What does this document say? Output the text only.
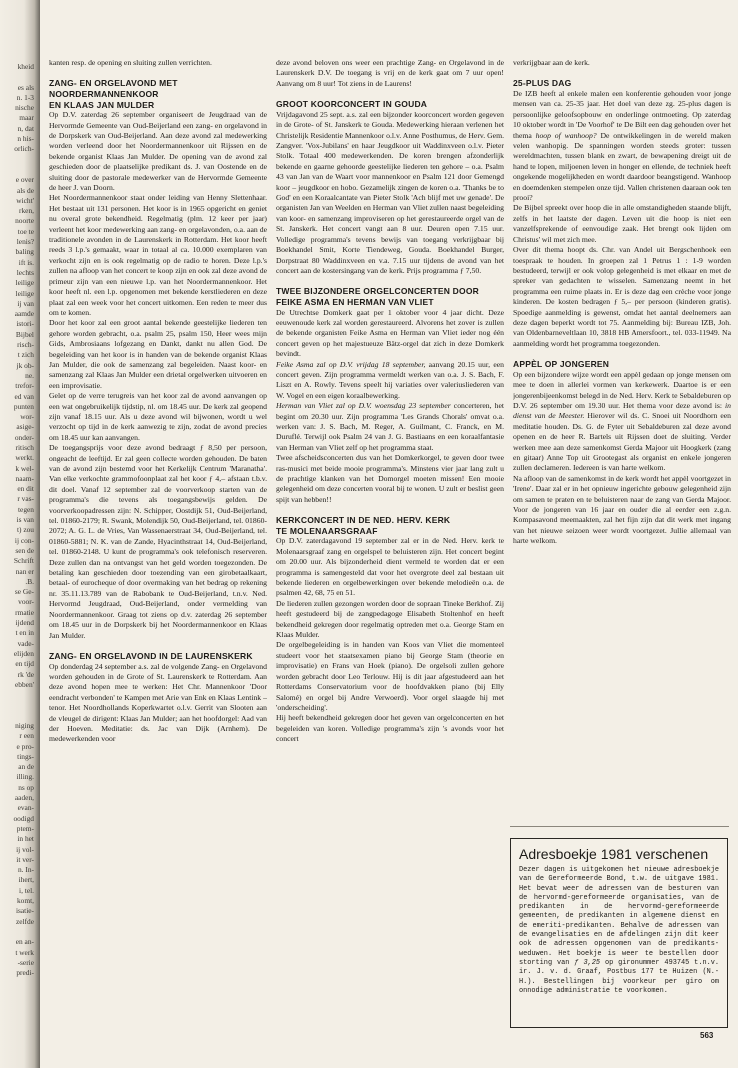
kheid
es als
n. 1-3
nische
maar
n, dat
n his-
orlich-
e over
als de
wicht'
rken,
noorte
toe te
lenis?
baling
ift is.
lechts
leilige
leilige
ij van
aamde
istori-
Bijbel
risch-
t zich
jk ob-
ne.
trefor-
ed van
punten
wor-
asige-
onder-
ritisch
werkt.
k wel-
naam-
en dit
r vas-
tegen
is van
t) zou
ij con-
sen de
Schrift
nan er
.B.
se Ge-
voor-
rmatie
ijdend
t en in
vade-
elijden
en tijd
rk 'de
ebben'
niging
r een
e pro-
tings-
an de
illing.
ns op
aaden,
evan-
oodigd
ptem-
in het
ij vol-
it ver-
n. In-
ihert,
i, tel.
komt,
isatie-
zelfde
en an-
t werk
-serie
predi-

kanten resp. de opening en sluiting zullen verrichten.

ZANG- EN ORGELAVOND MET NOORDERMANNENKOOR
EN KLAAS JAN MULDER

Op D.V. zaterdag 26 september organiseert de Jeugdraad van de Hervormde Gemeente van Oud-Beijerland een zang- en orgelavond in de Dorpskerk van Oud-Beijerland. Aan deze avond zal medewerking worden verleend door het Noordermannenkoor uit Rijssen en de bekende organist Klaas Jan Mulder. De opening van de avond zal geschieden door de plaatselijke predikant ds. J. van Oostende en de sluiting door de pastorale medewerker van de Hervormde Gemeente de heer J. van Doorn.

Het Noordermannenkoor staat onder leiding van Henny Slettenhaar. Het bestaat uit 131 personen. Het koor is in 1965 opgericht en geniet nu overal grote bekendheid. Regelmatig (plm. 12 keer per jaar) verleent het koor medewerking aan zang- en orgelavonden, o.a. aan de traditionele avonden in de Laurenskerk in Rotterdam. Het koor heeft reeds 3 l.p.'s gemaakt, waar in totaal al ca. 10.000 exemplaren van verkocht zijn en is ook regelmatig op de radio te horen. Deze l.p.'s zullen na afloop van het concert te koop zijn en ook zal deze avond de primeur zijn van een nieuwe l.p. van het Noordermannenkoor. Het koor heeft nl. een l.p. opgenomen met bekende kerstliederen en deze plaat zal een week voor het concert uitkomen. Een reden te meer dus om te komen.

Door het koor zal een groot aantal bekende geestelijke liederen ten gehore worden gebracht, o.a. psalm 25, psalm 150, Heer wees mijn Gids, Ambrosiaans lofgezang en Dankt, dankt nu allen God. De begeleiding van het koor is in handen van de bekende organist Klaas Jan Mulder, die ook de samenzang zal begeleiden. Naast koor- en samenzang zal Klaas Jan Mulder een drietal orgelwerken uitvoeren en een improvisatie.

Gelet op de verre terugreis van het koor zal de avond aanvangen op een wat ongebruikelijk tijdstip, nl. om 18.45 uur. De kerk zal geopend zijn vanaf 18.15 uur. Als u deze avond wil bijwonen, wordt u wel verzocht op tijd in de kerk aanwezig te zijn, zodat de avond precies om 18.45 uur kan aanvangen.

De toegangsprijs voor deze avond bedraagt ƒ 8,50 per persoon, ongeacht de leeftijd. Er zal geen collecte worden gehouden. De baten van de avond zijn bestemd voor het Kerkelijk Centrum 'Maranatha'. Van elke verkochte grammofoonplaat zal het koor ƒ 4,– afstaan t.b.v. dit doel. Vanaf 12 september zal de voorverkoop starten van de programma's die tevens als toegangsbewijs gelden. De voorverkoopadressen zijn: N. Schipper, Oostdijk 51, Oud-Beijerland, tel. 01860-2179; R. Swank, Molendijk 50, Oud-Beijerland, tel. 01860-2072; A. G. L. de Vries, Van Wassenaerstraat 34, Oud-Beijerland, tel. 01860-5881; N. K. van de Zande, Hyacinthstraat 14, Oud-Beijerland, tel. 01860-2148. U kunt de programma's ook telefonisch reserveren. Deze zullen dan na ontvangst van het geld worden toegezonden. De betaling kan geschieden door toezending van een girobetaalkaart, betaal- of eurocheque of door overmaking van het bedrag op rekening nr. 35.11.13.789 van de Rabobank te Oud-Beijerland, t.n.v. Ned. Hervormd Jeugdraad, Oud-Beijerland, onder vermelding van Noordermannenkoor. Graag tot ziens op d.v. zaterdag 26 september om 18.45 uur in de Dorpskerk bij het Noordermannenkoor en Klaas Jan Mulder.

ZANG- EN ORGELAVOND IN DE LAURENSKERK

Op donderdag 24 september a.s. zal de volgende Zang- en Orgelavond worden gehouden in de Grote of St. Laurenskerk te Rotterdam. Aan deze avond hopen mee te werken: Het Chr. Mannenkoor 'Door eendracht verbonden' te Kampen met Arie van Enk en Klaas Lentink – tenor. Het Noordhollands Koperkwartet o.l.v. Gerrit van Slooten aan de vleugel de dirigent: Klaas Jan Mulder; aan het hoofdorgel: Aad van der Hoeven. Meditatie: ds. Jac van Dijk (Arnhem). De medewerkenden voor

deze avond beloven ons weer een prachtige Zang- en Orgelavond in de Laurenskerk D.V. De toegang is vrij en de kerk gaat om 7 uur open! Aanvang om 8 uur! Tot ziens in de Laurens!

GROOT KOORCONCERT IN GOUDA

Vrijdagavond 25 sept. a.s. zal een bijzonder koorconcert worden gegeven in de Grote- of St. Janskerk te Gouda. Medewerking hieraan verlenen het Christelijk Residentie Mannenkoor o.l.v. Anne Posthumus, de Herv. Gem. Zangver. 'Vox-Jubilans' en haar Jeugdkoor uit Waddinxveen o.l.v. Pieter Stolk. Totaal 400 medewerkenden. De koren brengen afzonderlijk bekende en gaarne gehoorde geestelijke liederen ten gehore – o.a. Psalm 43 van Jan van de Waart voor mannenkoor en Psalm 121 door Gemengd koor – jeugdkoor en hobo. Gezamelijk zingen de koren o.a. 'Thanks be to God' en een Koraalcantate van Pieter Stolk 'Ach blijf met uw genade'. De organisten Jan van Weelden en Herman van Vliet zullen naast begeleiding van koor- en samenzang improviseren op het gerestaureerde orgel van de St. Janskerk. Het concert vangt aan 8 uur. Deuren open 7.15 uur. Volledige programma's tevens bewijs van toegang verkrijgbaar bij Boekhandel Smit, Korte Tiendeweg, Gouda. Boekhandel Burger, Dorpstraat 80 Waddinxveen en v.a. 7.15 uur tijdens de avond van het concert aan de kostersingang van de kerk. Prijs programma ƒ 7,50.

TWEE BIJZONDERE ORGELCONCERTEN DOOR
FEIKE ASMA EN HERMAN VAN VLIET

De Utrechtse Domkerk gaat per 1 oktober voor 4 jaar dicht. Deze eeuwenoude kerk zal worden gerestaureerd. Alvorens het zover is zullen de bekende organisten Feike Asma en Herman van Vliet ieder nog één concert geven op het majestueuze Bätz-orgel dat zich in deze Domkerk bevindt.

Feike Asma zal op D.V. vrijdag 18 september, aanvang 20.15 uur, een concert geven. Zijn programma vermeldt werken van o.a. J. S. Bach, F. Liszt en A. Rowly. Tevens speelt hij variaties over valeriusliederen van W. Vogel en een eigen koraalbewerking.

Herman van Vliet zal op D.V. woensdag 23 september concerteren, het begint om 20.30 uur. Zijn programma 'Les Grands Chorals' omvat o.a. werken van: J. S. Bach, M. Reger, A. Guilmant, C. Franck, en M. Duruflé. Terwijl ook Psalm 24 van J. G. Bastiaans en een koraalfantasie van Herman van Vliet zelf op het programma staat.

Twee afscheidsconcerten dus van het Domkerkorgel, te geven door twee ras-musici met beide mooie programma's. Minstens vier jaar lang zult u de prachtige klanken van het Domorgel moeten missen! Een mooie gelegenheid om deze concerten vooral bij te wonen. U zult er beslist geen spijt van hebben!!

KERKCONCERT IN DE NED. HERV. KERK
TE MOLENAARSGRAAF

Op D.V. zaterdagavond 19 september zal er in de Ned. Herv. kerk te Molenaarsgraaf zang en orgelspel te beluisteren zijn. Het concert begint om 20.00 uur. Als bijzonderheid dient vermeld te worden dat er een programma is samengesteld dat voor het overgrote deel zal bestaan uit bekende liederen en orgelbewerkingen over bekende melodieën o.a. de psalmen 42, 68, 75 en 51.

De liederen zullen gezongen worden door de sopraan Tineke Berkhof. Zij heeft gestudeerd bij de zangpedagoge Elisabeth Stoltenhof en heeft bekendheid gekregen door regelmatig optreden met o.a. George Stam en Klaas Mulder.

De orgelbegeleiding is in handen van Koos van Vliet die momenteel studeert voor het staatsexamen piano bij George Stam (theorie en improvisatie) en Frans van Hoek (piano). De orgelsoli zullen gehore worden gebracht door Leo Terlouw. Hij is dit jaar afgestudeerd aan het Rotterdams Conservatorium voor de hoofdvakken piano (bij Elly Salomé) en orgel bij Andre Verwoerd). Voor orgel slaagde hij met 'onderscheiding'.

Hij heeft bekendheid gekregen door het geven van orgelconcerten en het begeleiden van koren. Volledige programma's zijn 's avonds voor het concert

verkrijgbaar aan de kerk.

25-PLUS DAG

De IZB heeft al enkele malen een konferentie gehouden voor jonge mensen van ca. 25-35 jaar. Het doel van deze zg. 25-plus dagen is persoonlijke geloofsopbouw en onderlinge ontmoeting. Op zaterdag 10 oktober wordt in 'De Voorhof' te De Bilt een dag gehouden over het thema hoop of wanhoop? De ontwikkelingen in de wereld maken velen wanhopig. De spanningen worden steeds groter: tussen wereldmachten, tussen blank en zwart, de bewapening dreigt uit de hand te lopen, miljoenen leven in honger en ellende, de techniek heeft ongekende mogelijkheden en wordt daardoor beangstigend. Wanhoop en doemdenken stempelen onze tijd. Vallen christenen daaraan ook ten prooi?

De Bijbel spreekt over hoop die in alle omstandigheden staande blijft, zelfs in het laatste der dagen. Leven uit die hoop is niet een vanzelfsprekende of eenvoudige zaak. Het brengt ook lijden om Christus' wil met zich mee.

Over dit thema hoopt ds. Chr. van Andel uit Bergschenhoek een toespraak te houden. In groepen zal 1 Petrus 1 : 1-9 worden bestudeerd, terwijl er ook volop gelegenheid is met elkaar en met de spreker van gedachten te wisselen. Samenzang neemt in het programma een ruime plaats in. Er is deze dag een crèche voor jonge kinderen. De kosten bedragen ƒ 5,– per persoon (kinderen gratis). Spoedige aanmelding is gewenst, omdat het aantal deelnemers aan deze dagen beperkt wordt tot 75. Aanmelding bij: Bureau IZB, Joh. van Oldenbarneveltlaan 10, 3818 HB Amersfoort., tel. 033-11949. Na aanmelding wordt het programma toegezonden.

APPÈL OP JONGEREN

Op een bijzondere wijze wordt een appèl gedaan op jonge mensen om mee te doen in allerlei vormen van kerkewerk. Daartoe is er een jongerenbijeenkomst belegd in de Ned. Herv. Kerk te Sebaldeburen op D.V. 26 september om 19.30 uur. Het thema voor deze avond is: in dienst van de Meester. Hierover wil ds. C. Snoei uit Noordhorn een meditatie houden. Ds. G. de Fyter uit Sebaldeburen zal deze avond openen en de heer R. Bartels uit Rijssen doet de sluiting. Verder werken mee aan deze samenkomst Gerda Majoor uit Hoogkerk (zang en gitaar) Anne Top uit Grootegast als organist en enkele jongeren zullen declameren. Iedereen is van harte welkom.

Na afloop van de samenkomst in de kerk wordt het appèl voortgezet in 'Irene'. Daar zal er in het opnieuw ingerichte gebouw gelegenheid zijn om samen te praten en te beluisteren naar de zang van Gerda Majoor. Voor de jongeren van 16 jaar en ouder die al eerder een z.g.n. Kompasavond meemaakten, zal het fijn zijn dat dit werk met ingang van het nieuwe seizoen weer wordt voortgezet. Jullie allemaal van harte welkom.

Adresboekje 1981 verschenen
Dezer dagen is uitgekomen het nieuwe adresboekje van de Gereformeerde Bond, t.w. de uitgave 1981. Het bevat weer de adressen van de besturen van de hervormd-gereformeerde organisaties, van de predikanten in de hervormd-gereformeerde gemeenten, de predikanten in algemene dienst en de emeriti-predikanten. Behalve de adressen van de evangelisaties en de afdelingen zijn dit keer ook de adressen opgenomen van de predikants-weduwen. Het boekje is weer te bestellen door storting van ƒ 3,25 op gironummer 493745 t.n.v. ir. J. v. d. Graaf, Postbus 177 te Huizen (N.-H.). Bestellingen bij voorkeur per giro om onnodige administratie te voorkomen.
563
